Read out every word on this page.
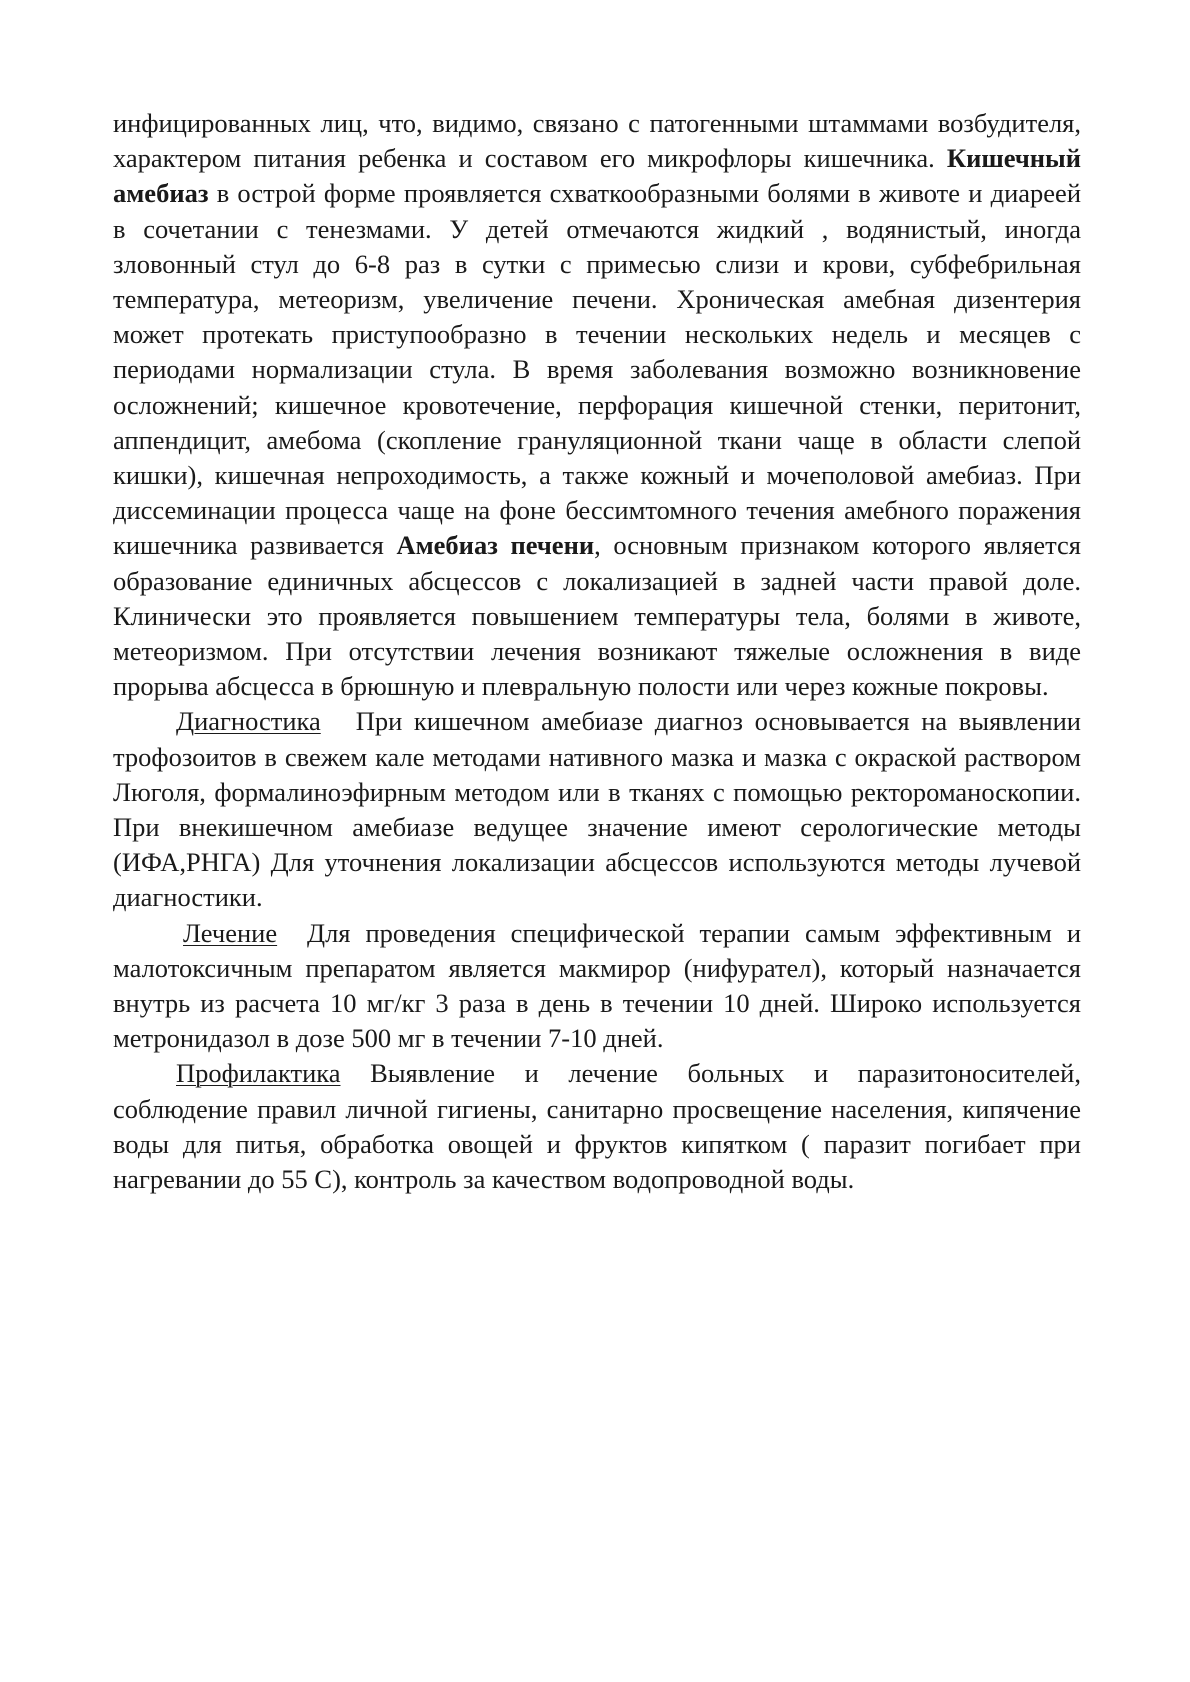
инфицированных лиц, что, видимо, связано с патогенными штаммами возбудителя, характером питания ребенка и составом его микрофлоры кишечника. Кишечный амебиаз в острой форме проявляется схваткообразными болями в животе и диареей в сочетании с тенезмами. У детей отмечаются жидкий , водянистый, иногда зловонный стул до 6-8 раз в сутки с примесью слизи и крови, субфебрильная температура, метеоризм, увеличение печени. Хроническая амебная дизентерия может протекать приступообразно в течении нескольких недель и месяцев с периодами нормализации стула. В время заболевания возможно возникновение осложнений; кишечное кровотечение, перфорация кишечной стенки, перитонит, аппендицит, амебома (скопление грануляционной ткани чаще в области слепой кишки), кишечная непроходимость, а также кожный и мочеполовой амебиаз. При диссеминации процесса чаще на фоне бессимтомного течения амебного поражения кишечника развивается Амебиаз печени, основным признаком которого является образование единичных абсцессов с локализацией в задней части правой доле. Клинически это проявляется повышением температуры тела, болями в животе, метеоризмом. При отсутствии лечения возникают тяжелые осложнения в виде прорыва абсцесса в брюшную и плевральную полости или через кожные покровы.

Диагностика   При кишечном амебиазе диагноз основывается на выявлении трофозоитов в свежем кале методами нативного мазка и мазка с окраской раствором Люголя, формалиноэфирным методом или в тканях с помощью ректороманоскопии. При внекишечном амебиазе ведущее значение имеют серологические методы (ИФА,РНГА) Для уточнения локализации абсцессов используются методы лучевой диагностики.

Лечение  Для проведения специфической терапии самым эффективным и малотоксичным препаратом является макмирор (нифурател), который назначается внутрь из расчета 10 мг/кг 3 раза в день в течении 10 дней. Широко используется метронидазол в дозе 500 мг в течении 7-10 дней.

Профилактика Выявление и лечение больных и паразитоносителей, соблюдение правил личной гигиены, санитарно просвещение населения, кипячение воды для питья, обработка овощей и фруктов кипятком ( паразит погибает при нагревании до 55 С), контроль за качеством водопроводной воды.
